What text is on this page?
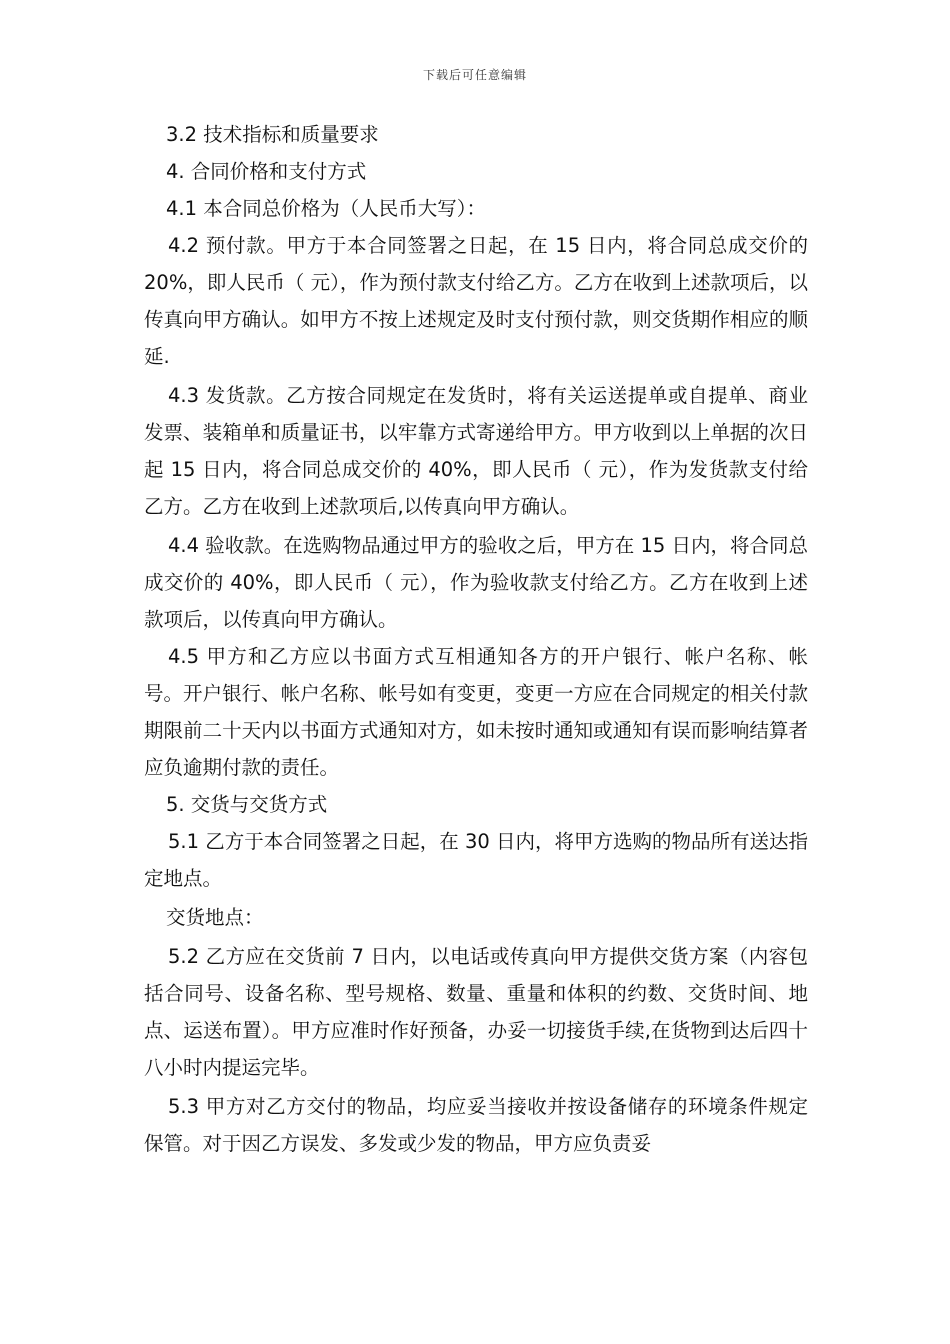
下载后可任意编辑

3.2 技术指标和质量要求

4. 合同价格和支付方式

4.1 本合同总价格为（人民币大写）：

4.2 预付款。甲方于本合同签署之日起，在 15 日内，将合同总成交价的 20%，即人民币（ 元），作为预付款支付给乙方。乙方在收到上述款项后，以传真向甲方确认。如甲方不按上述规定及时支付预付款，则交货期作相应的顺延.

4.3 发货款。乙方按合同规定在发货时，将有关运送提单或自提单、商业发票、装箱单和质量证书，以牢靠方式寄递给甲方。甲方收到以上单据的次日起 15 日内，将合同总成交价的 40%，即人民币（ 元），作为发货款支付给乙方。乙方在收到上述款项后,以传真向甲方确认。

4.4 验收款。在选购物品通过甲方的验收之后，甲方在 15 日内，将合同总成交价的 40%，即人民币（ 元），作为验收款支付给乙方。乙方在收到上述款项后，以传真向甲方确认。

4.5 甲方和乙方应以书面方式互相通知各方的开户银行、帐户名称、帐号。开户银行、帐户名称、帐号如有变更，变更一方应在合同规定的相关付款期限前二十天内以书面方式通知对方，如未按时通知或通知有误而影响结算者应负逾期付款的责任。

5. 交货与交货方式

5.1 乙方于本合同签署之日起，在 30 日内，将甲方选购的物品所有送达指定地点。

交货地点：

5.2 乙方应在交货前 7 日内，以电话或传真向甲方提供交货方案（内容包括合同号、设备名称、型号规格、数量、重量和体积的约数、交货时间、地点、运送布置）。甲方应准时作好预备，办妥一切接货手续,在货物到达后四十八小时内提运完毕。

5.3 甲方对乙方交付的物品，均应妥当接收并按设备储存的环境条件规定保管。对于因乙方误发、多发或少发的物品，甲方应负责妥
